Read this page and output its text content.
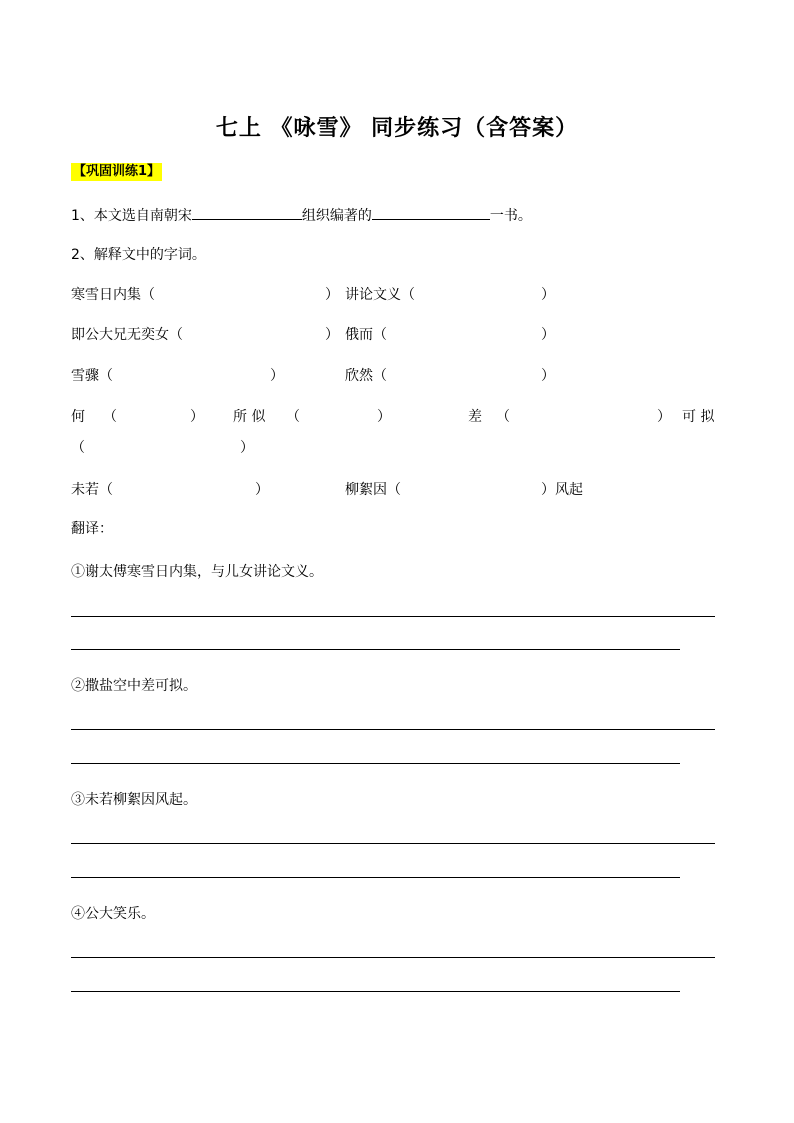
七上 《咏雪》 同步练习（含答案）
【巩固训练1】
1、本文选自南朝宋	组织编著的	一书。
2、解释文中的字词。
寒雪日内集（	） 讲论文义（	）
即公大兄无奕女（	） 俄而（	）
雪骤（	）	欣然（	）
何 （	） 所 似 （	）	差 （	） 可 拟
（	）
未若（	）	柳絮因（	）风起
翻译：
①谢太傅寒雪日内集，与儿女讲论文义。
②撒盐空中差可拟。
③未若柳絮因风起。
④公大笑乐。
